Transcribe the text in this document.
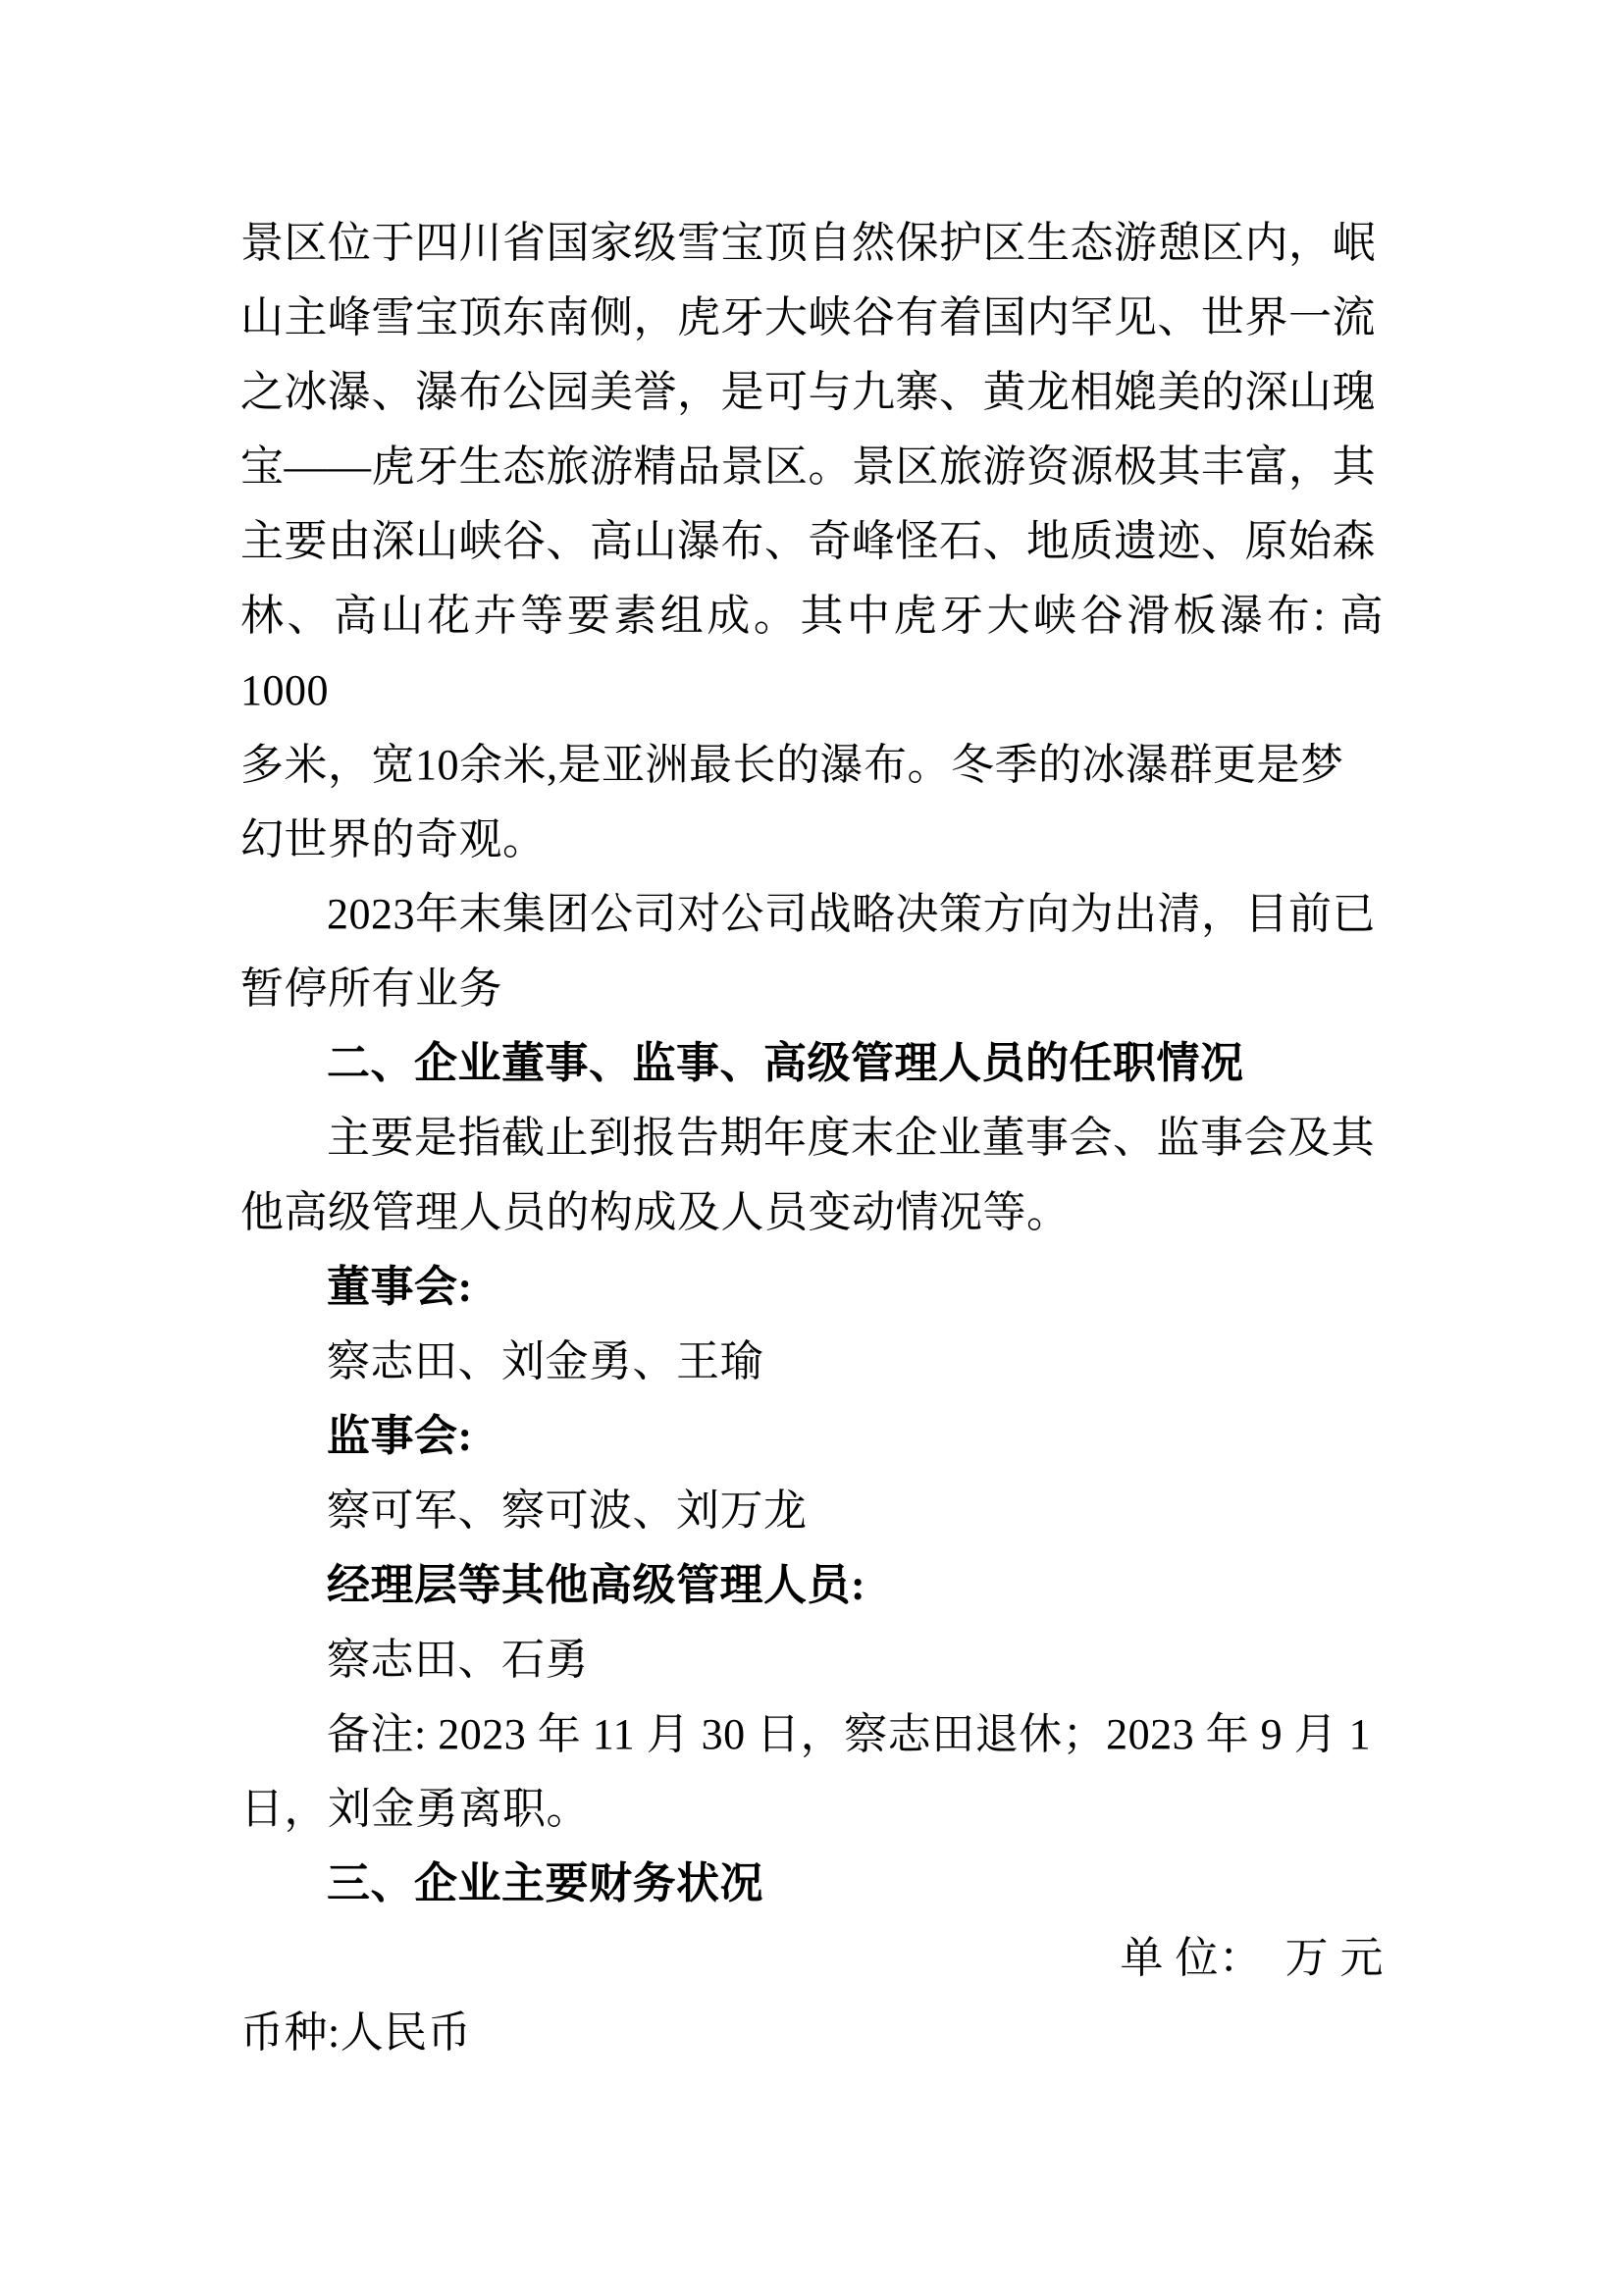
景区位于四川省国家级雪宝顶自然保护区生态游憩区内，岷
山主峰雪宝顶东南侧，虎牙大峡谷有着国内罕见、世界一流
之冰瀑、瀑布公园美誉，是可与九寨、黄龙相媲美的深山瑰
宝——虎牙生态旅游精品景区。景区旅游资源极其丰富，其
主要由深山峡谷、高山瀑布、奇峰怪石、地质遗迹、原始森
林、高山花卉等要素组成。其中虎牙大峡谷滑板瀑布: 高1000
多米，宽10余米,是亚洲最长的瀑布。冬季的冰瀑群更是梦
幻世界的奇观。
2023年末集团公司对公司战略决策方向为出清，目前已
暂停所有业务
二、企业董事、监事、高级管理人员的任职情况
主要是指截止到报告期年度末企业董事会、监事会及其
他高级管理人员的构成及人员变动情况等。
董事会:
察志田、刘金勇、王瑜
监事会:
察可军、察可波、刘万龙
经理层等其他高级管理人员:
察志田、石勇
备注: 2023 年 11 月 30 日，察志田退休；2023 年 9 月 1
日，刘金勇离职。
三、企业主要财务状况
单 位：  万 元
币种:人民币
